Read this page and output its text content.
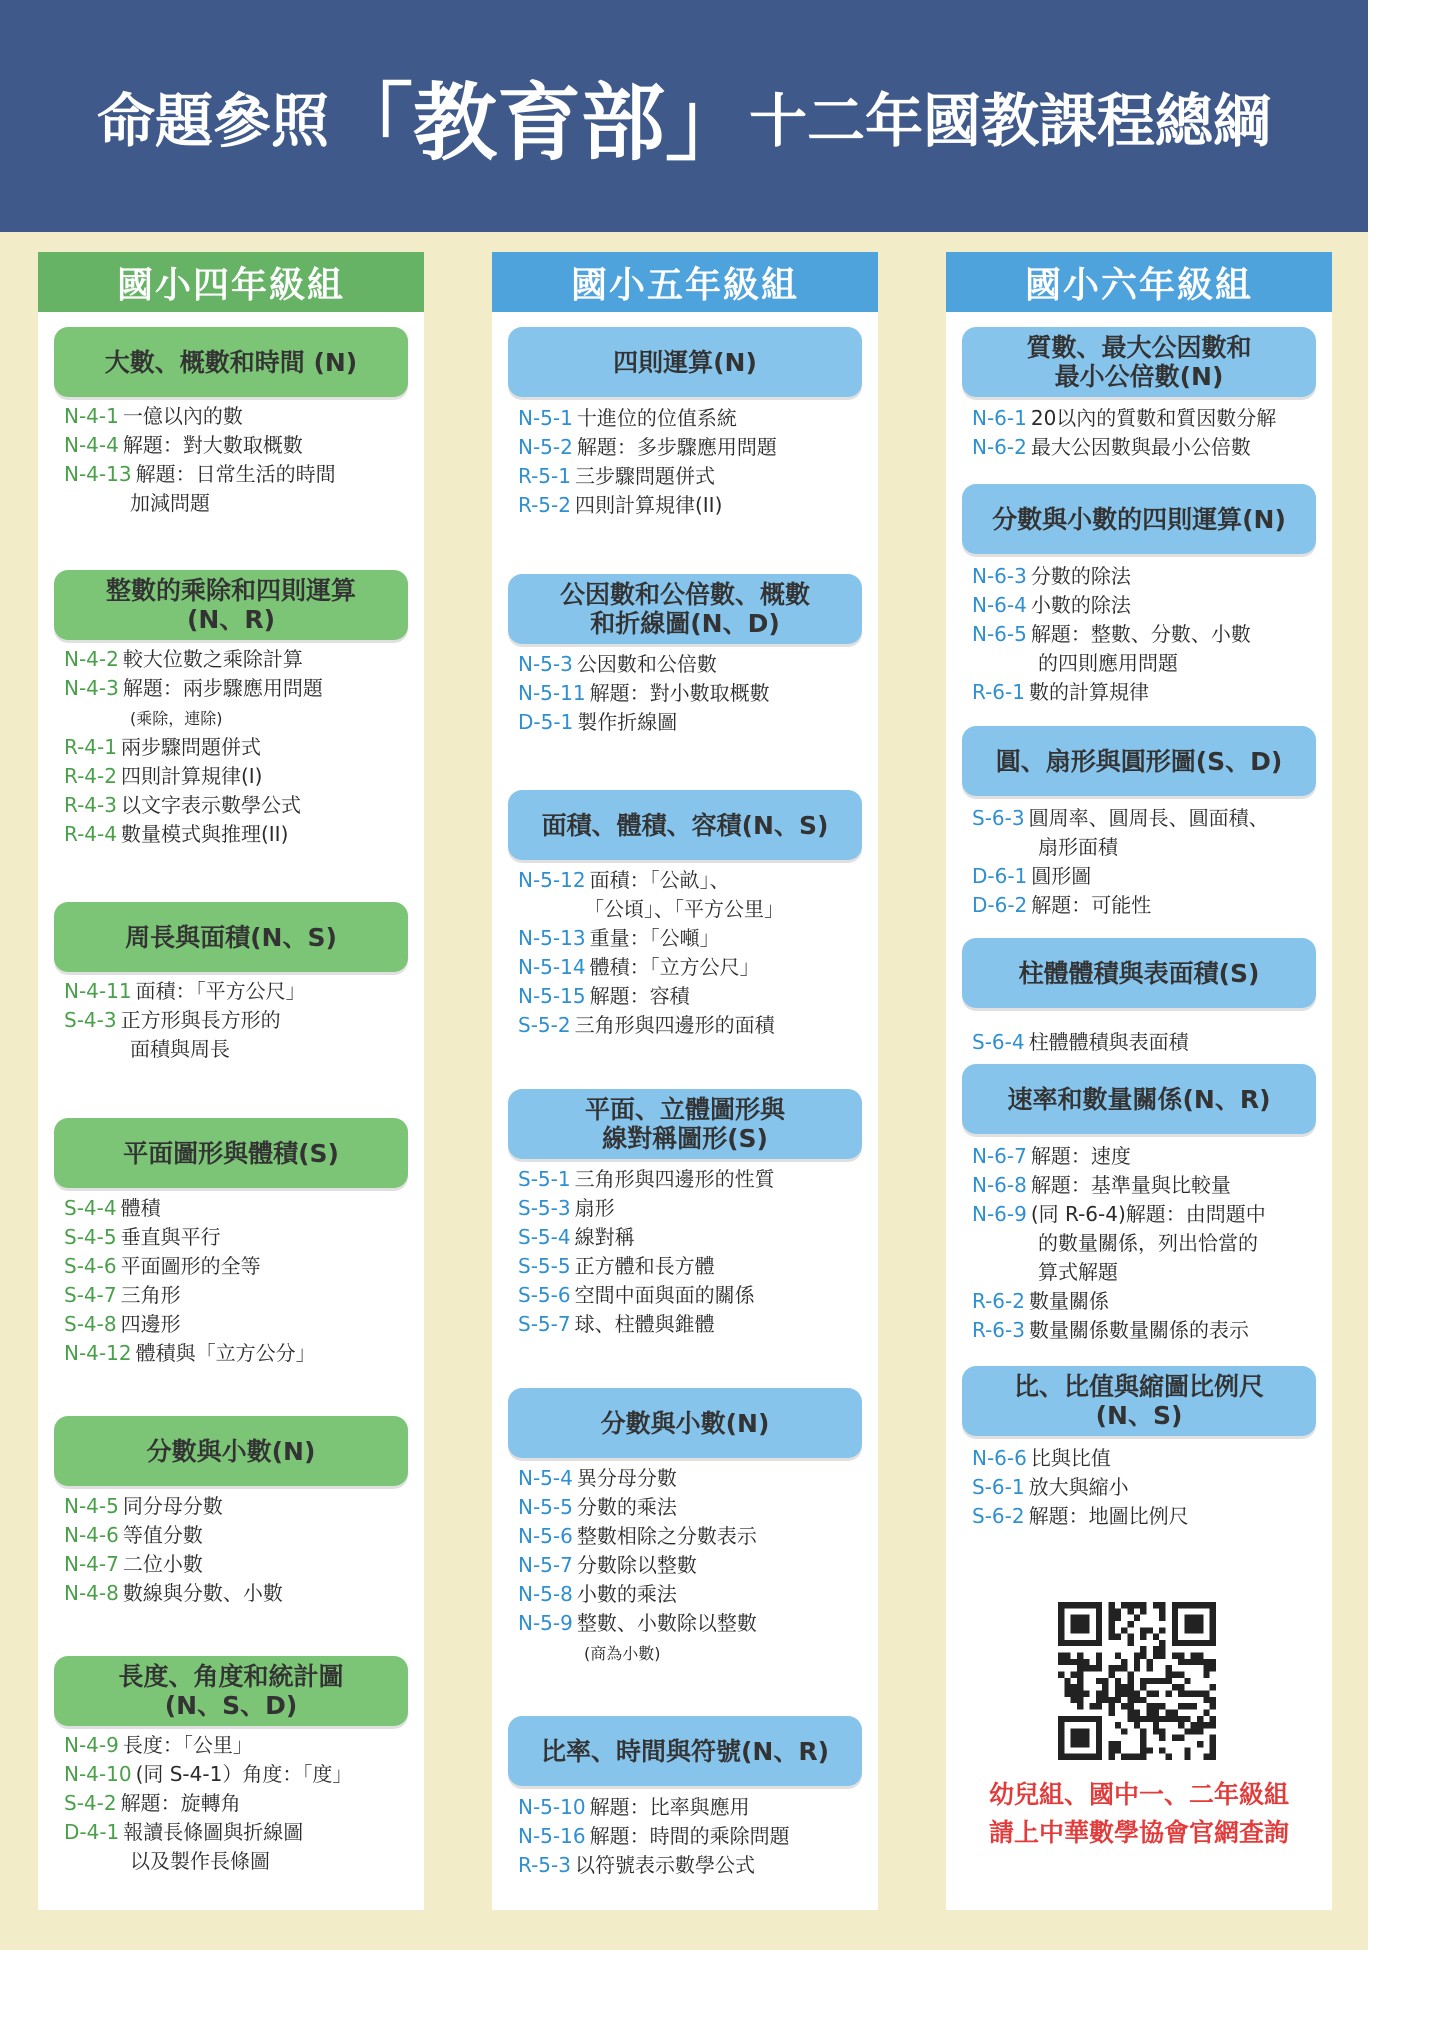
命題參照 「教育部」 十二年國教課程總綱
國小四年級組
大數、概數和時間 (N)
N-4-1 一億以內的數
N-4-4 解題：對大數取概數
N-4-13 解題：日常生活的時間
加減問題
整數的乘除和四則運算
(N、R)
N-4-2 較大位數之乘除計算
N-4-3 解題：兩步驟應用問題
(乘除，連除)
R-4-1 兩步驟問題併式
R-4-2 四則計算規律(I)
R-4-3 以文字表示數學公式
R-4-4 數量模式與推理(II)
周長與面積(N、S)
N-4-11 面積：「平方公尺」
S-4-3 正方形與長方形的
面積與周長
平面圖形與體積(S)
S-4-4 體積
S-4-5 垂直與平行
S-4-6 平面圖形的全等
S-4-7 三角形
S-4-8 四邊形
N-4-12 體積與「立方公分」
分數與小數(N)
N-4-5 同分母分數
N-4-6 等值分數
N-4-7 二位小數
N-4-8 數線與分數、小數
長度、角度和統計圖
(N、S、D)
N-4-9 長度：「公里」
N-4-10 (同 S-4-1）角度：「度」
S-4-2 解題：旋轉角
D-4-1 報讀長條圖與折線圖
以及製作長條圖
國小五年級組
四則運算(N)
N-5-1 十進位的位值系統
N-5-2 解題：多步驟應用問題
R-5-1 三步驟問題併式
R-5-2 四則計算規律(II)
公因數和公倍數、概數
和折線圖(N、D)
N-5-3 公因數和公倍數
N-5-11 解題：對小數取概數
D-5-1 製作折線圖
面積、體積、容積(N、S)
N-5-12 面積：「公畝」、
「公頃」、「平方公里」
N-5-13 重量：「公噸」
N-5-14 體積：「立方公尺」
N-5-15 解題：容積
S-5-2 三角形與四邊形的面積
平面、立體圖形與
線對稱圖形(S)
S-5-1 三角形與四邊形的性質
S-5-3 扇形
S-5-4 線對稱
S-5-5 正方體和長方體
S-5-6 空間中面與面的關係
S-5-7 球、柱體與錐體
分數與小數(N)
N-5-4 異分母分數
N-5-5 分數的乘法
N-5-6 整數相除之分數表示
N-5-7 分數除以整數
N-5-8 小數的乘法
N-5-9 整數、小數除以整數
(商為小數)
比率、時間與符號(N、R)
N-5-10 解題：比率與應用
N-5-16 解題：時間的乘除問題
R-5-3 以符號表示數學公式
國小六年級組
質數、最大公因數和
最小公倍數(N)
N-6-1 20以內的質數和質因數分解
N-6-2 最大公因數與最小公倍數
分數與小數的四則運算(N)
N-6-3 分數的除法
N-6-4 小數的除法
N-6-5 解題：整數、分數、小數
的四則應用問題
R-6-1 數的計算規律
圓、扇形與圓形圖(S、D)
S-6-3 圓周率、圓周長、圓面積、
扇形面積
D-6-1 圓形圖
D-6-2 解題：可能性
柱體體積與表面積(S)
S-6-4 柱體體積與表面積
速率和數量關係(N、R)
N-6-7 解題：速度
N-6-8 解題：基準量與比較量
N-6-9 (同 R-6-4)解題：由問題中
的數量關係，列出恰當的
算式解題
R-6-2 數量關係
R-6-3 數量關係數量關係的表示
比、比值與縮圖比例尺
(N、S)
N-6-6 比與比值
S-6-1 放大與縮小
S-6-2 解題：地圖比例尺
幼兒組、國中一、二年級組
請上中華數學協會官網查詢
